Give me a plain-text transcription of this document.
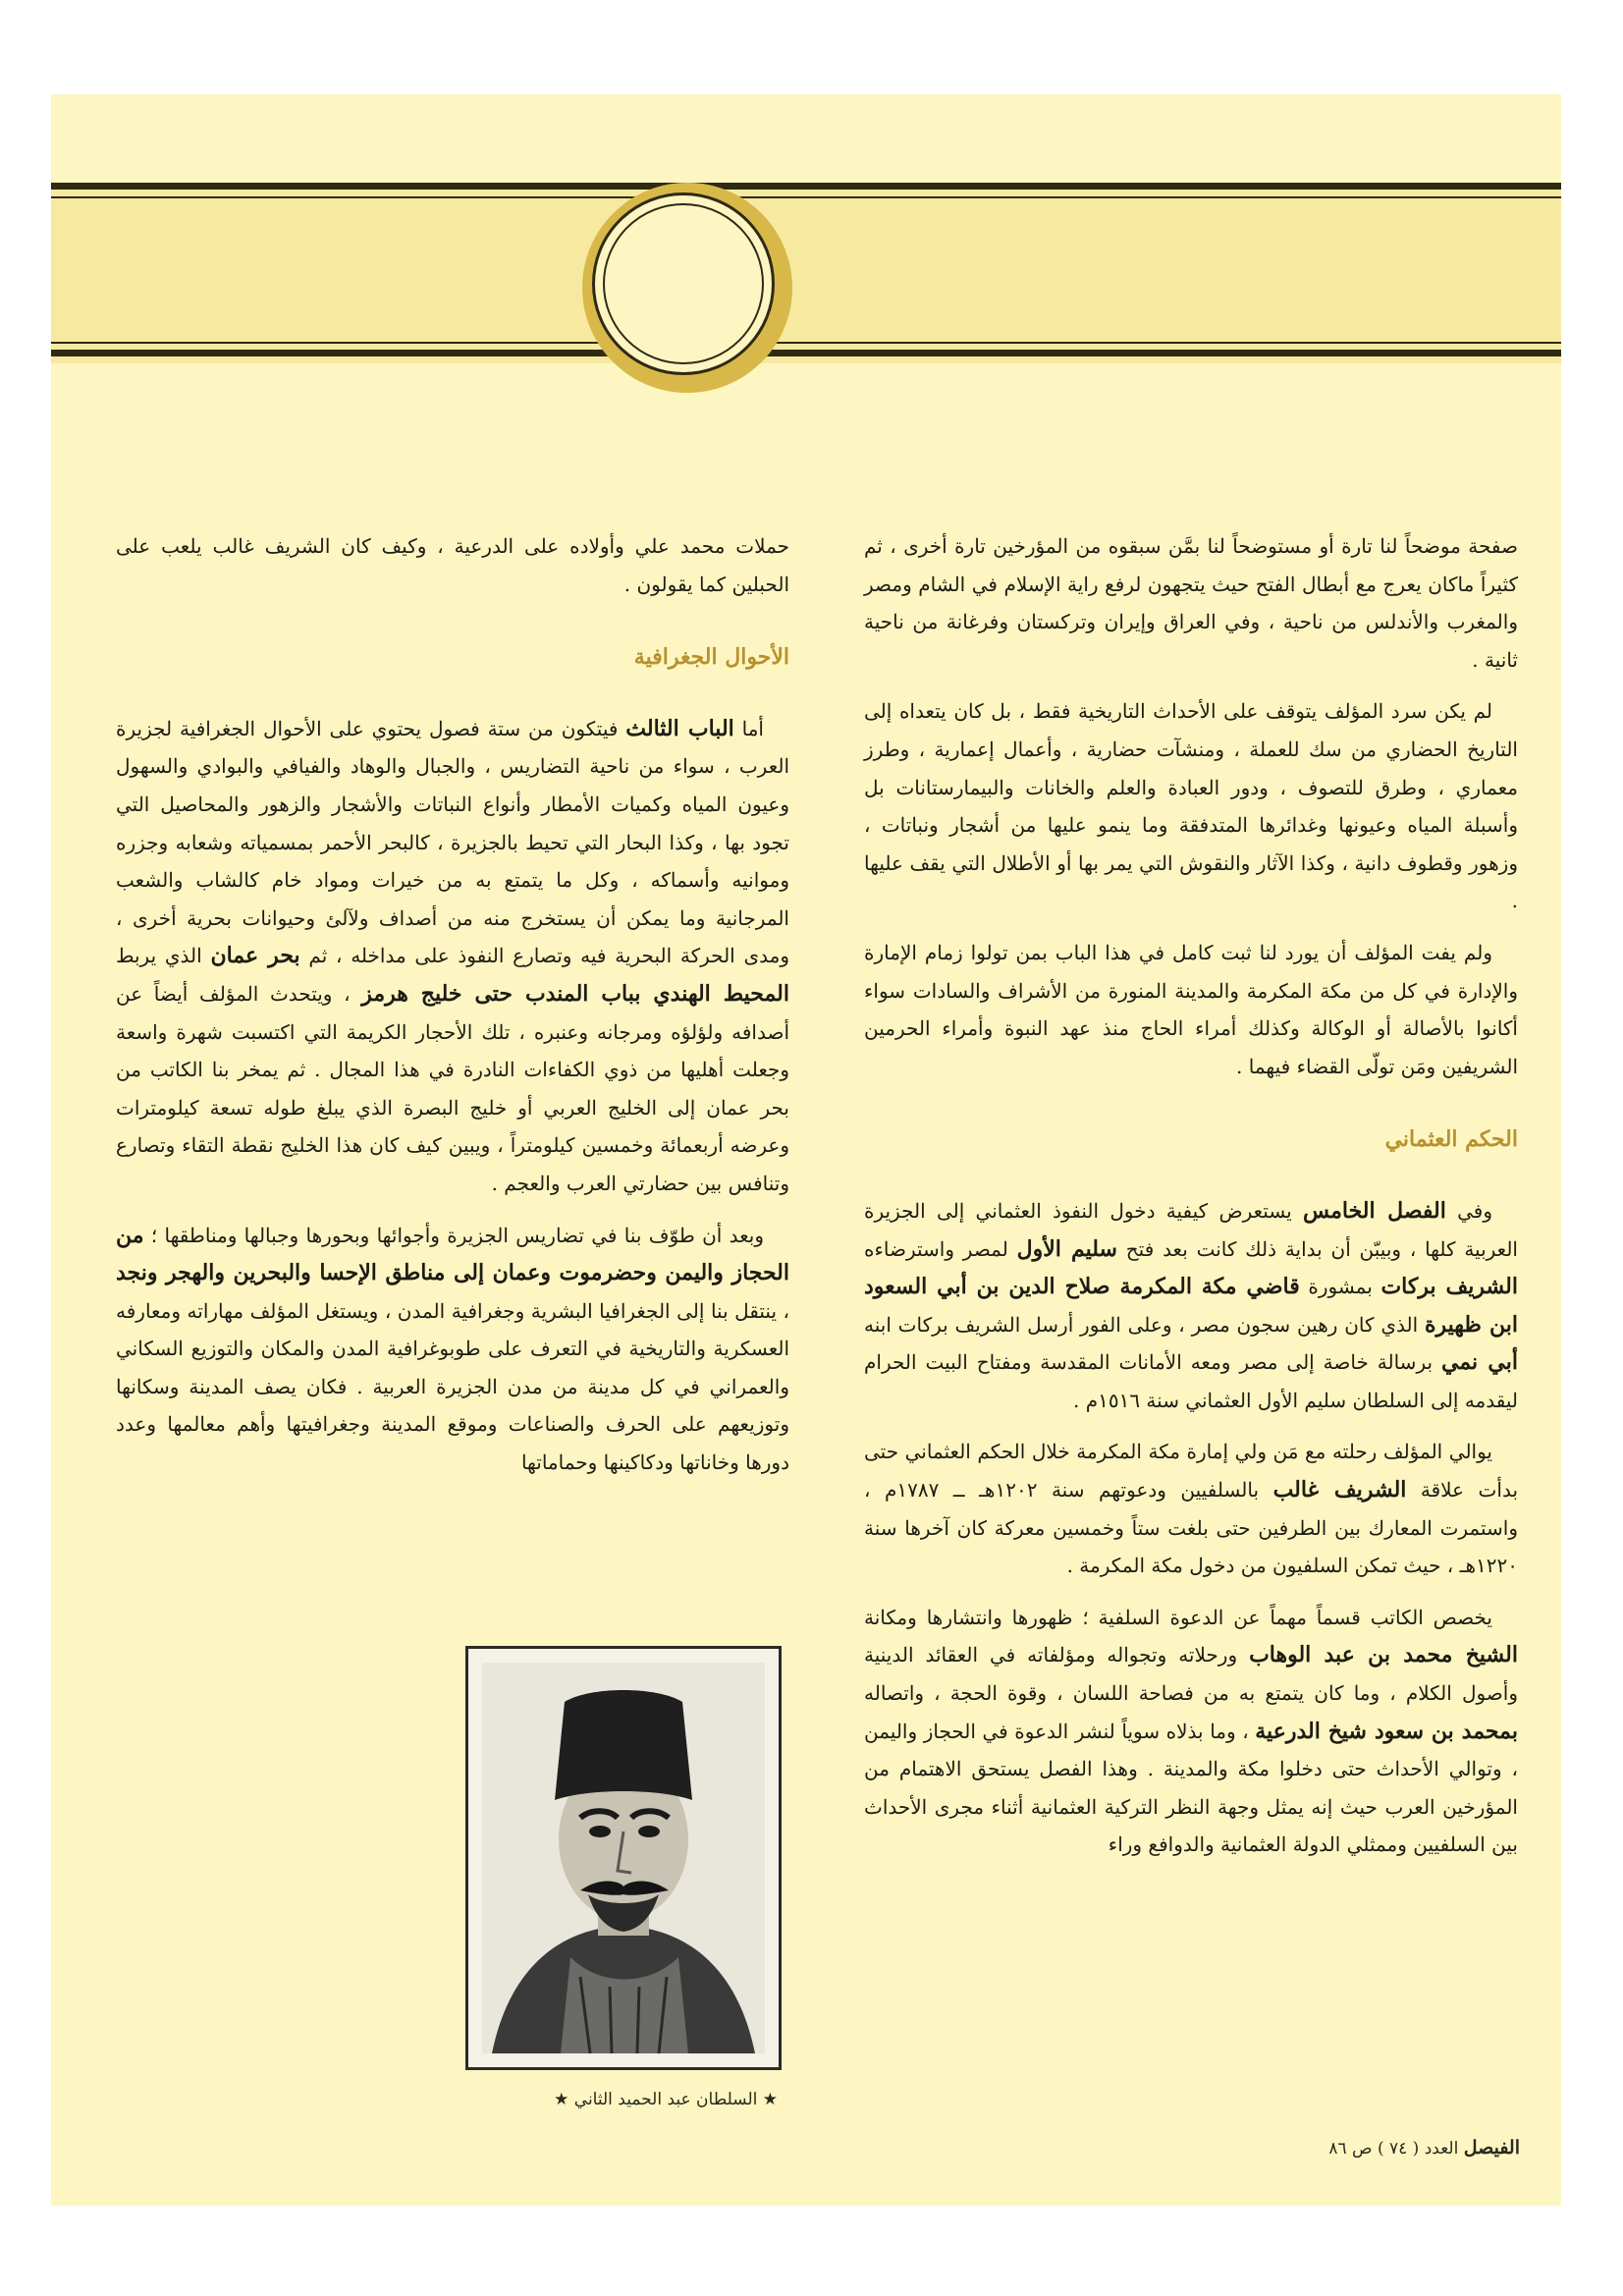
صفحة موضحاً لنا تارة أو مستوضحاً لنا بمَّن سبقوه من المؤرخين تارة أخرى ، ثم كثيراً ماكان يعرج مع أبطال الفتح حيث يتجهون لرفع راية الإسلام في الشام ومصر والمغرب والأندلس من ناحية ، وفي العراق وإيران وتركستان وفرغانة من ناحية ثانية .

لم يكن سرد المؤلف يتوقف على الأحداث التاريخية فقط ، بل كان يتعداه إلى التاريخ الحضاري من سك للعملة ، ومنشآت حضارية ، وأعمال إعمارية ، وطرز معماري ، وطرق للتصوف ، ودور العبادة والعلم والخانات والبيمارستانات بل وأسبلة المياه وعيونها وغدائرها المتدفقة وما ينمو عليها من أشجار ونباتات ، وزهور وقطوف دانية ، وكذا الآثار والنقوش التي يمر بها أو الأطلال التي يقف عليها .

ولم يفت المؤلف أن يورد لنا ثبت كامل في هذا الباب بمن تولوا زمام الإمارة والإدارة في كل من مكة المكرمة والمدينة المنورة من الأشراف والسادات سواء أكانوا بالأصالة أو الوكالة وكذلك أمراء الحاج منذ عهد النبوة وأمراء الحرمين الشريفين ومَن تولّى القضاء فيهما .

الحكم العثماني

وفي الفصل الخامس يستعرض كيفية دخول النفوذ العثماني إلى الجزيرة العربية كلها ، وبيبّن أن بداية ذلك كانت بعد فتح سليم الأول لمصر واسترضاءه الشريف بركات بمشورة قاضي مكة المكرمة صلاح الدين بن أبي السعود ابن ظهيرة الذي كان رهين سجون مصر ، وعلى الفور أرسل الشريف بركات ابنه أبي نمي برسالة خاصة إلى مصر ومعه الأمانات المقدسة ومفتاح البيت الحرام ليقدمه إلى السلطان سليم الأول العثماني سنة ١٥١٦م .

يوالي المؤلف رحلته مع مَن ولي إمارة مكة المكرمة خلال الحكم العثماني حتى بدأت علاقة الشريف غالب بالسلفيين ودعوتهم سنة ١٢٠٢هـ ــ ١٧٨٧م ، واستمرت المعارك بين الطرفين حتى بلغت ستاً وخمسين معركة كان آخرها سنة ١٢٢٠هـ ، حيث تمكن السلفيون من دخول مكة المكرمة .

يخصص الكاتب قسماً مهماً عن الدعوة السلفية ؛ ظهورها وانتشارها ومكانة الشيخ محمد بن عبد الوهاب ورحلاته وتجواله ومؤلفاته في العقائد الدينية وأصول الكلام ، وما كان يتمتع به من فصاحة اللسان ، وقوة الحجة ، واتصاله بمحمد بن سعود شيخ الدرعية ، وما بذلاه سوياً لنشر الدعوة في الحجاز واليمن ، وتوالي الأحداث حتى دخلوا مكة والمدينة . وهذا الفصل يستحق الاهتمام من المؤرخين العرب حيث إنه يمثل وجهة النظر التركية العثمانية أثناء مجرى الأحداث بين السلفيين وممثلي الدولة العثمانية والدوافع وراء

حملات محمد علي وأولاده على الدرعية ، وكيف كان الشريف غالب يلعب على الحبلين كما يقولون .

الأحوال الجغرافية

أما الباب الثالث فيتكون من ستة فصول يحتوي على الأحوال الجغرافية لجزيرة العرب ، سواء من ناحية التضاريس ، والجبال والوهاد والفيافي والبوادي والسهول وعيون المياه وكميات الأمطار وأنواع النباتات والأشجار والزهور والمحاصيل التي تجود بها ، وكذا البحار التي تحيط بالجزيرة ، كالبحر الأحمر بمسمياته وشعابه وجزره وموانيه وأسماكه ، وكل ما يتمتع به من خيرات ومواد خام كالشاب والشعب المرجانية وما يمكن أن يستخرج منه من أصداف ولآلئ وحيوانات بحرية أخرى ، ومدى الحركة البحرية فيه وتصارع النفوذ على مداخله ، ثم بحر عمان الذي يربط المحيط الهندي بباب المندب حتى خليج هرمز ، ويتحدث المؤلف أيضاً عن أصدافه ولؤلؤه ومرجانه وعنبره ، تلك الأحجار الكريمة التي اكتسبت شهرة واسعة وجعلت أهليها من ذوي الكفاءات النادرة في هذا المجال . ثم يمخر بنا الكاتب من بحر عمان إلى الخليج العربي أو خليج البصرة الذي يبلغ طوله تسعة كيلومترات وعرضه أربعمائة وخمسين كيلومتراً ، ويبين كيف كان هذا الخليج نقطة التقاء وتصارع وتنافس بين حضارتي العرب والعجم .

وبعد أن طوّف بنا في تضاريس الجزيرة وأجوائها وبحورها وجبالها ومناطقها ؛ من الحجاز واليمن وحضرموت وعمان إلى مناطق الإحسا والبحرين والهجر ونجد ، ينتقل بنا إلى الجغرافيا البشرية وجغرافية المدن ، ويستغل المؤلف مهاراته ومعارفه العسكرية والتاريخية في التعرف على طوبوغرافية المدن والمكان والتوزيع السكاني والعمراني في كل مدينة من مدن الجزيرة العربية . فكان يصف المدينة وسكانها وتوزيعهم على الحرف والصناعات وموقع المدينة وجغرافيتها وأهم معالمها وعدد دورها وخاناتها ودكاكينها وحماماتها

★ السلطان عبد الحميد الثاني ★
الفيصل العدد ( ٧٤ ) ص ٨٦
